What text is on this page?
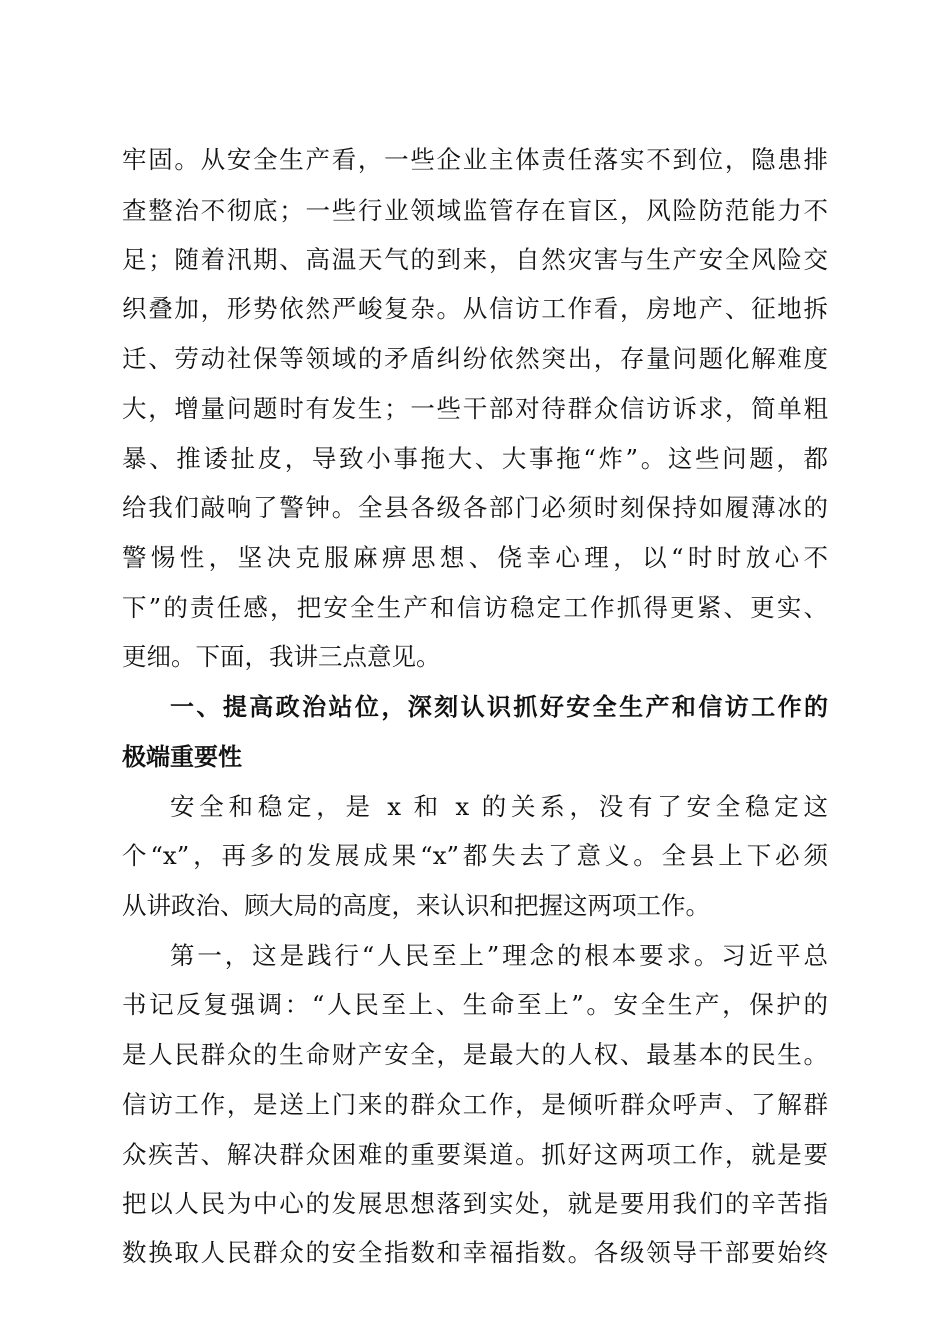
牢固。从安全生产看，一些企业主体责任落实不到位，隐患排
查整治不彻底；一些行业领域监管存在盲区，风险防范能力不
足；随着汛期、高温天气的到来，自然灾害与生产安全风险交
织叠加，形势依然严峻复杂。从信访工作看，房地产、征地拆
迁、劳动社保等领域的矛盾纠纷依然突出，存量问题化解难度
大，增量问题时有发生；一些干部对待群众信访诉求，简单粗
暴、推诿扯皮，导致小事拖大、大事拖“炸”。这些问题，都
给我们敲响了警钟。全县各级各部门必须时刻保持如履薄冰的
警惕性，坚决克服麻痹思想、侥幸心理，以“时时放心不
下”的责任感，把安全生产和信访稳定工作抓得更紧、更实、
更细。下面，我讲三点意见。
一、提高政治站位，深刻认识抓好安全生产和信访工作的
极端重要性
安全和稳定，是 x 和 x 的关系，没有了安全稳定这
个“x”，再多的发展成果“x”都失去了意义。全县上下必须
从讲政治、顾大局的高度，来认识和把握这两项工作。
第一，这是践行“人民至上”理念的根本要求。习近平总
书记反复强调：“人民至上、生命至上”。安全生产，保护的
是人民群众的生命财产安全，是最大的人权、最基本的民生。
信访工作，是送上门来的群众工作，是倾听群众呼声、了解群
众疾苦、解决群众困难的重要渠道。抓好这两项工作，就是要
把以人民为中心的发展思想落到实处，就是要用我们的辛苦指
数换取人民群众的安全指数和幸福指数。各级领导干部要始终
